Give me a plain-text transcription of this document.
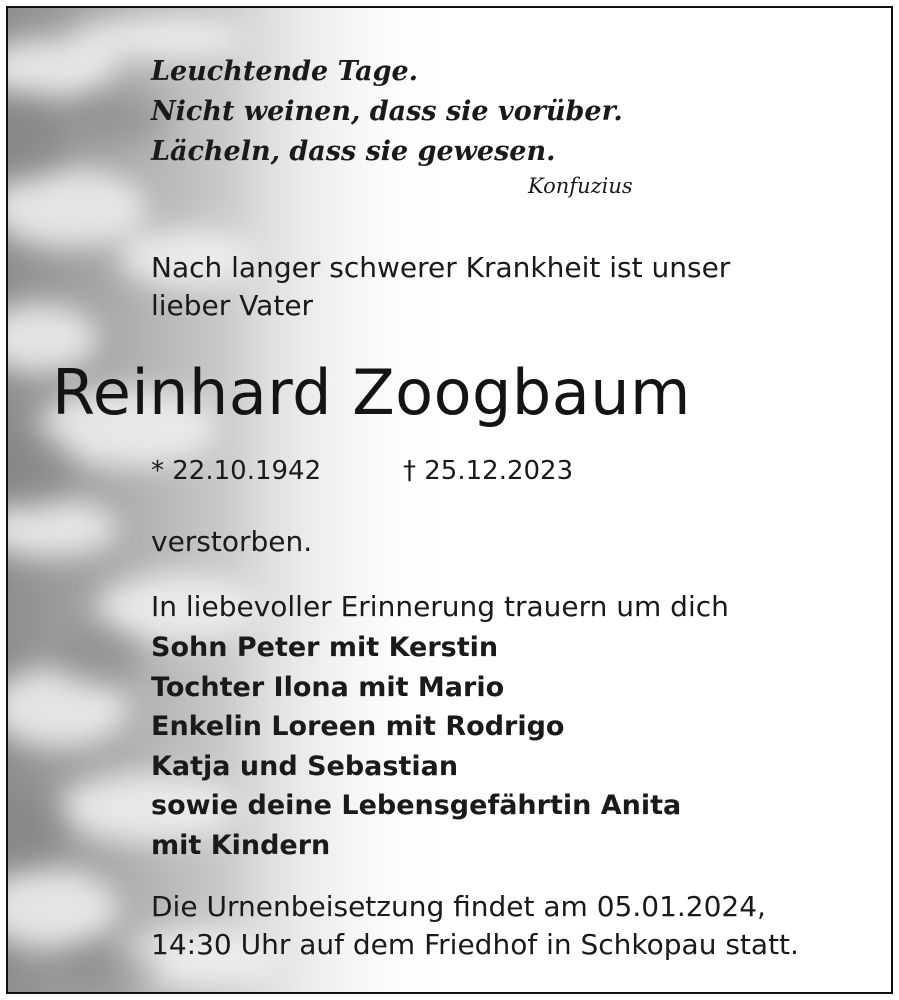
Leuchtende Tage.
Nicht weinen, dass sie vorüber.
Lächeln, dass sie gewesen.
Konfuzius
Nach langer schwerer Krankheit ist unser
lieber Vater
Reinhard Zoogbaum
* 22.10.1942	† 25.12.2023
verstorben.
In liebevoller Erinnerung trauern um dich
Sohn Peter mit Kerstin
Tochter Ilona mit Mario
Enkelin Loreen mit Rodrigo
Katja und Sebastian
sowie deine Lebensgefährtin Anita
mit Kindern
Die Urnenbeisetzung findet am 05.01.2024,
14:30 Uhr auf dem Friedhof in Schkopau statt.
